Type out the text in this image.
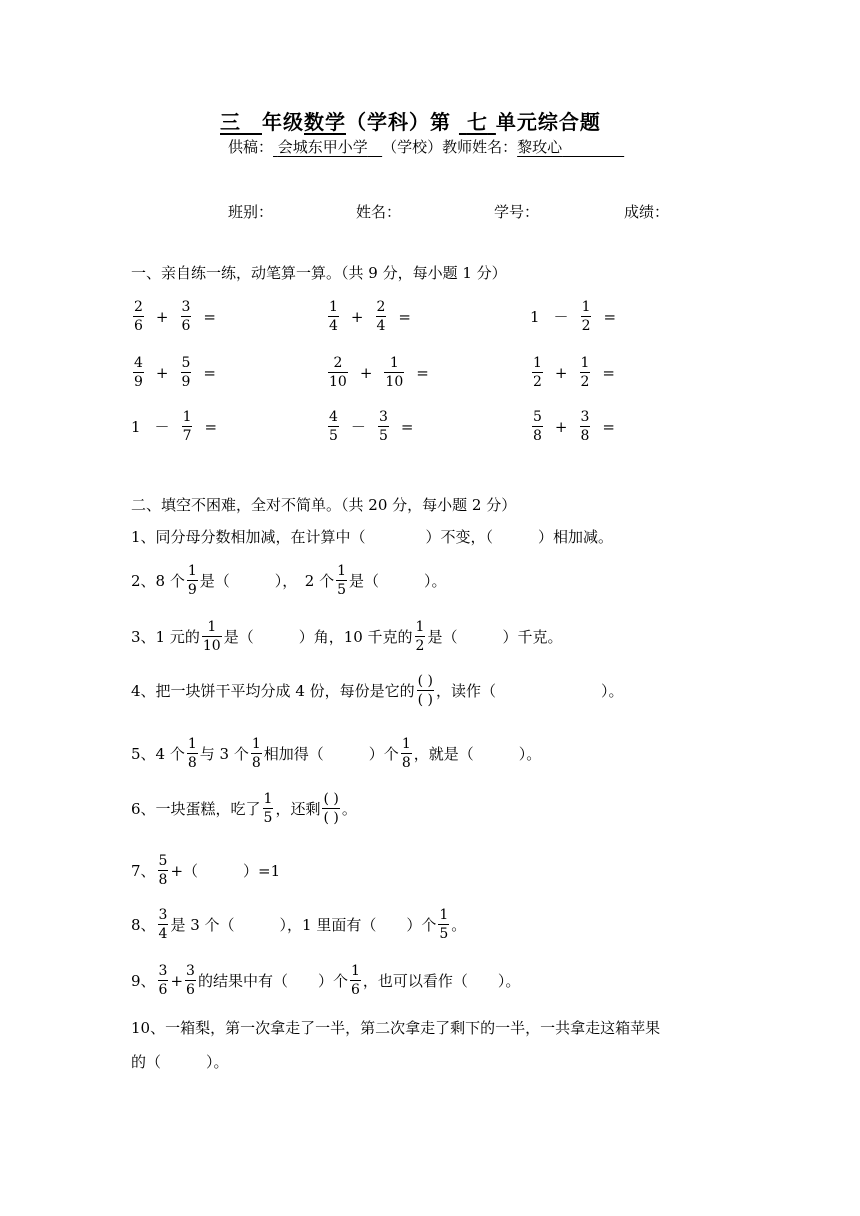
三　 年级数学（学科）第 七 单元综合题
供稿： 会城东甲小学 （学校）教师姓名：黎玫心
班别：	姓名：	学号：	成绩：
一、亲自练一练，动笔算一算。（共 9 分，每小题 1 分）
$\frac{2}{6} + \frac{3}{6}$ =	$\frac{1}{4} + \frac{2}{4}$ =	$1 - \frac{1}{2}$ =
$\frac{4}{9} + \frac{5}{9}$ =	$\frac{2}{10} + \frac{1}{10}$ =	$\frac{1}{2} + \frac{1}{2}$ =
$1 - \frac{1}{7}$ =	$\frac{4}{5} - \frac{3}{5}$ =	$\frac{5}{8} + \frac{3}{8}$ =
二、填空不困难，全对不简单。（共 20 分，每小题 2 分）
1、同分母分数相加减，在计算中（　　　　）不变，（　　　）相加减。
2、8 个 $\frac{1}{9}$ 是（　　　），　2 个 $\frac{1}{5}$ 是（　　　）。
3、1 元的 $\frac{1}{10}$ 是（　　　）角，10 千克的 $\frac{1}{2}$ 是（　　　）千克。
4、把一块饼干平均分成 4 份，每份是它的 $\frac{( )}{( )}$ ，读作（　　　　　　　）。
5、4 个 $\frac{1}{8}$ 与 3 个 $\frac{1}{8}$ 相加得（　　　）个 $\frac{1}{8}$ ，就是（　　　）。
6、一块蛋糕，吃了 $\frac{1}{5}$ ，还剩 $\frac{( )}{( )}$ 。
7、 $\frac{5}{8}$ +（　　　）=1
8、 $\frac{3}{4}$ 是 3 个（　　　），1 里面有（　　）个 $\frac{1}{5}$ 。
9、 $\frac{3}{6} + \frac{3}{6}$ 的结果中有（　　）个 $\frac{1}{6}$ ，也可以看作（　　）。
10、一箱梨，第一次拿走了一半，第二次拿走了剩下的一半，一共拿走这箱苹果
的（　　　）。
